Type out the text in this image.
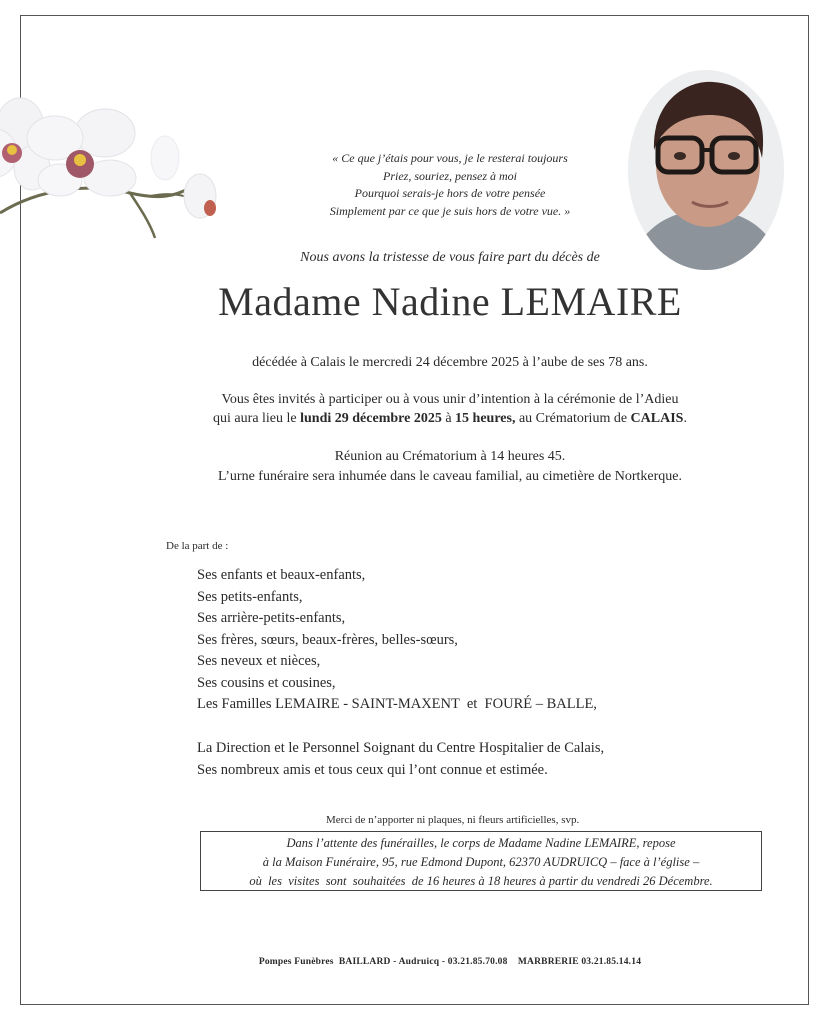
« Ce que j’étais pour vous, je le resterai toujours
Priez, souriez, pensez à moi
Pourquoi serais-je hors de votre pensée
Simplement par ce que je suis hors de votre vue. »
Nous avons la tristesse de vous faire part du décès de
Madame Nadine LEMAIRE
décédée à Calais le mercredi 24 décembre 2025 à l’aube de ses 78 ans.
Vous êtes invités à participer ou à vous unir d’intention à la cérémonie de l’Adieu
qui aura lieu le lundi 29 décembre 2025 à 15 heures, au Crématorium de CALAIS.
Réunion au Crématorium à 14 heures 45.
L’urne funéraire sera inhumée dans le caveau familial, au cimetière de Nortkerque.
De la part de :
Ses enfants et beaux-enfants,
Ses petits-enfants,
Ses arrière-petits-enfants,
Ses frères, sœurs, beaux-frères, belles-sœurs,
Ses neveux et nièces,
Ses cousins et cousines,
Les Familles LEMAIRE - SAINT-MAXENT  et  FOURÉ – BALLE,
La Direction et le Personnel Soignant du Centre Hospitalier de Calais,
Ses nombreux amis et tous ceux qui l’ont connue et estimée.
Merci de n’apporter ni plaques, ni fleurs artificielles, svp.
Dans l’attente des funérailles, le corps de Madame Nadine LEMAIRE, repose
à la Maison Funéraire, 95, rue Edmond Dupont, 62370 AUDRUICQ – face à l’église –
où  les  visites  sont  souhaitées  de 16 heures à 18 heures à partir du vendredi 26 Décembre.
Pompes Funèbres  BAILLARD - Audruicq - 03.21.85.70.08    MARBRERIE 03.21.85.14.14
